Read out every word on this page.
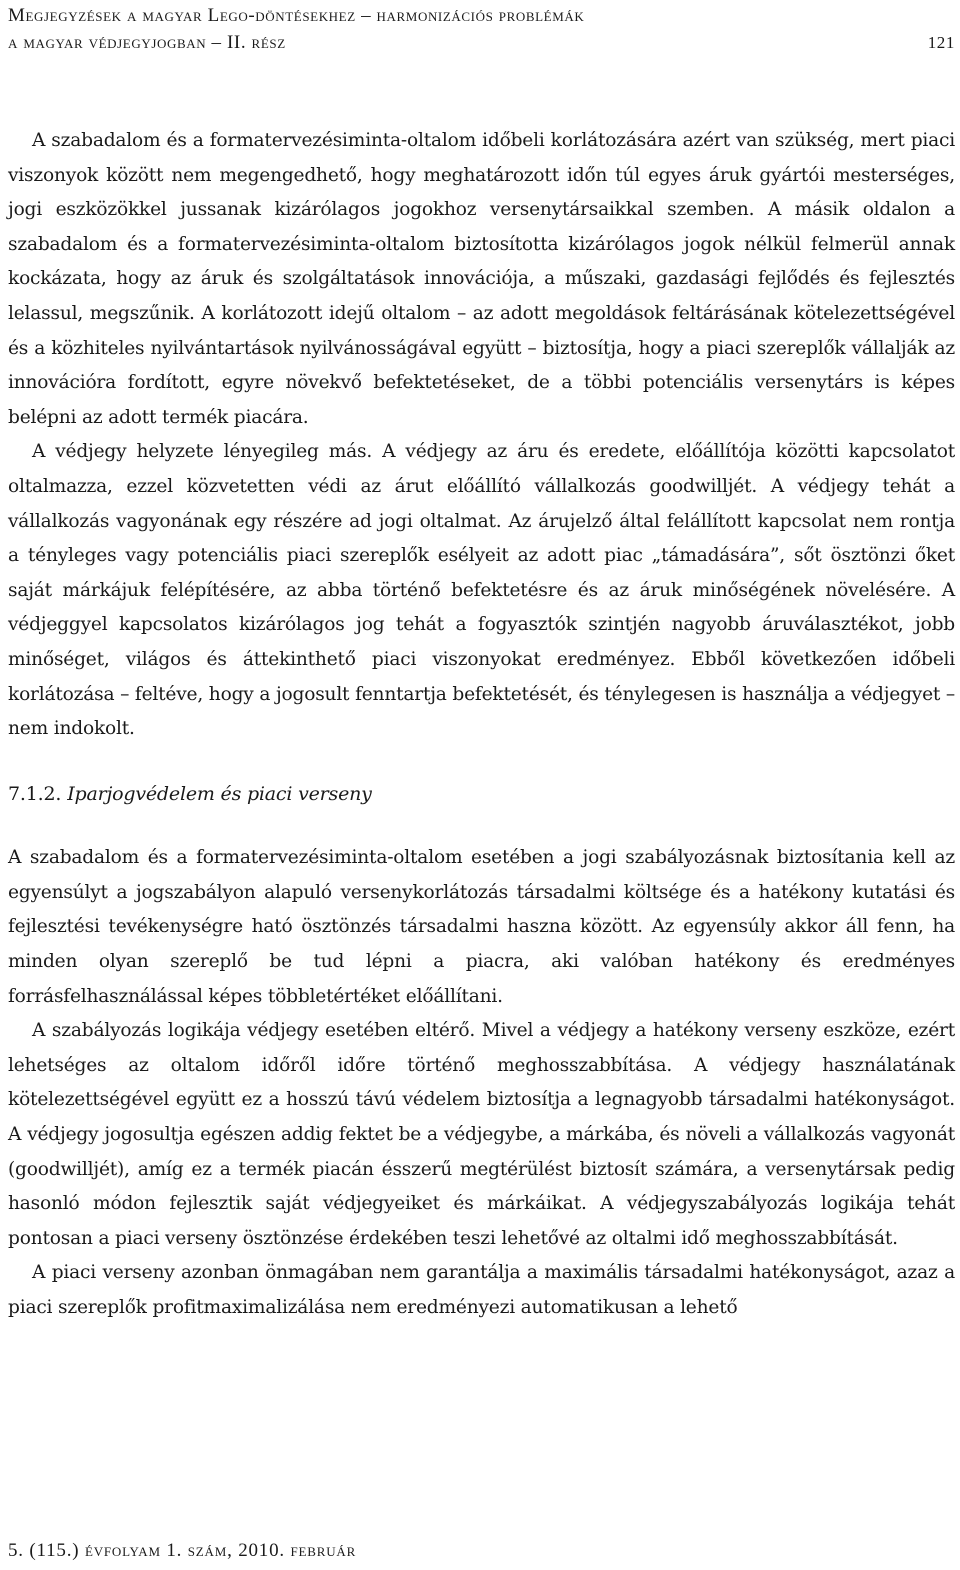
Megjegyzések a magyar Lego-döntésekhez – harmonizációs problémák
a magyar védjegyjogban – II. rész	121

A szabadalom és a formatervezésiminta-oltalom időbeli korlátozására azért van szükség, mert piaci viszonyok között nem megengedhető, hogy meghatározott időn túl egyes áruk gyártói mesterséges, jogi eszközökkel jussanak kizárólagos jogokhoz versenytársaikkal szemben. A másik oldalon a szabadalom és a formatervezésiminta-oltalom biztosította kizárólagos jogok nélkül felmerül annak kockázata, hogy az áruk és szolgáltatások innovációja, a műszaki, gazdasági fejlődés és fejlesztés lelassul, megszűnik. A korlátozott idejű oltalom – az adott megoldások feltárásának kötelezettségével és a közhiteles nyilvántartások nyilvánosságával együtt – biztosítja, hogy a piaci szereplők vállalják az innovációra fordított, egyre növekvő befektetéseket, de a többi potenciális versenytárs is képes belépni az adott termék piacára.

A védjegy helyzete lényegileg más. A védjegy az áru és eredete, előállítója közötti kapcsolatot oltalmazza, ezzel közvetetten védi az árut előállító vállalkozás goodwilljét. A védjegy tehát a vállalkozás vagyonának egy részére ad jogi oltalmat. Az árujelző által felállított kapcsolat nem rontja a tényleges vagy potenciális piaci szereplők esélyeit az adott piac „támadására”, sőt ösztönzi őket saját márkájuk felépítésére, az abba történő befektetésre és az áruk minőségének növelésére. A védjeggyel kapcsolatos kizárólagos jog tehát a fogyasztók szintjén nagyobb áruválasztékot, jobb minőséget, világos és áttekinthető piaci viszonyokat eredményez. Ebből következően időbeli korlátozása – feltéve, hogy a jogosult fenntartja befektetését, és ténylegesen is használja a védjegyet – nem indokolt.

7.1.2. Iparjogvédelem és piaci verseny

A szabadalom és a formatervezésiminta-oltalom esetében a jogi szabályozásnak biztosítania kell az egyensúlyt a jogszabályon alapuló versenykorlátozás társadalmi költsége és a hatékony kutatási és fejlesztési tevékenységre ható ösztönzés társadalmi haszna között. Az egyensúly akkor áll fenn, ha minden olyan szereplő be tud lépni a piacra, aki valóban hatékony és eredményes forrásfelhasználással képes többletértéket előállítani.

A szabályozás logikája védjegy esetében eltérő. Mivel a védjegy a hatékony verseny eszköze, ezért lehetséges az oltalom időről időre történő meghosszabbítása. A védjegy használatának kötelezettségével együtt ez a hosszú távú védelem biztosítja a legnagyobb társadalmi hatékonyságot. A védjegy jogosultja egészen addig fektet be a védjegybe, a márkába, és növeli a vállalkozás vagyonát (goodwilljét), amíg ez a termék piacán ésszerű megtérülést biztosít számára, a versenytársak pedig hasonló módon fejlesztik saját védjegyeiket és márkáikat. A védjegyszabályozás logikája tehát pontosan a piaci verseny ösztönzése érdekében teszi lehetővé az oltalmi idő meghosszabbítását.

A piaci verseny azonban önmagában nem garantálja a maximális társadalmi hatékonyságot, azaz a piaci szereplők profitmaximalizálása nem eredményezi automatikusan a lehető

5. (115.) évfolyam 1. szám, 2010. február
